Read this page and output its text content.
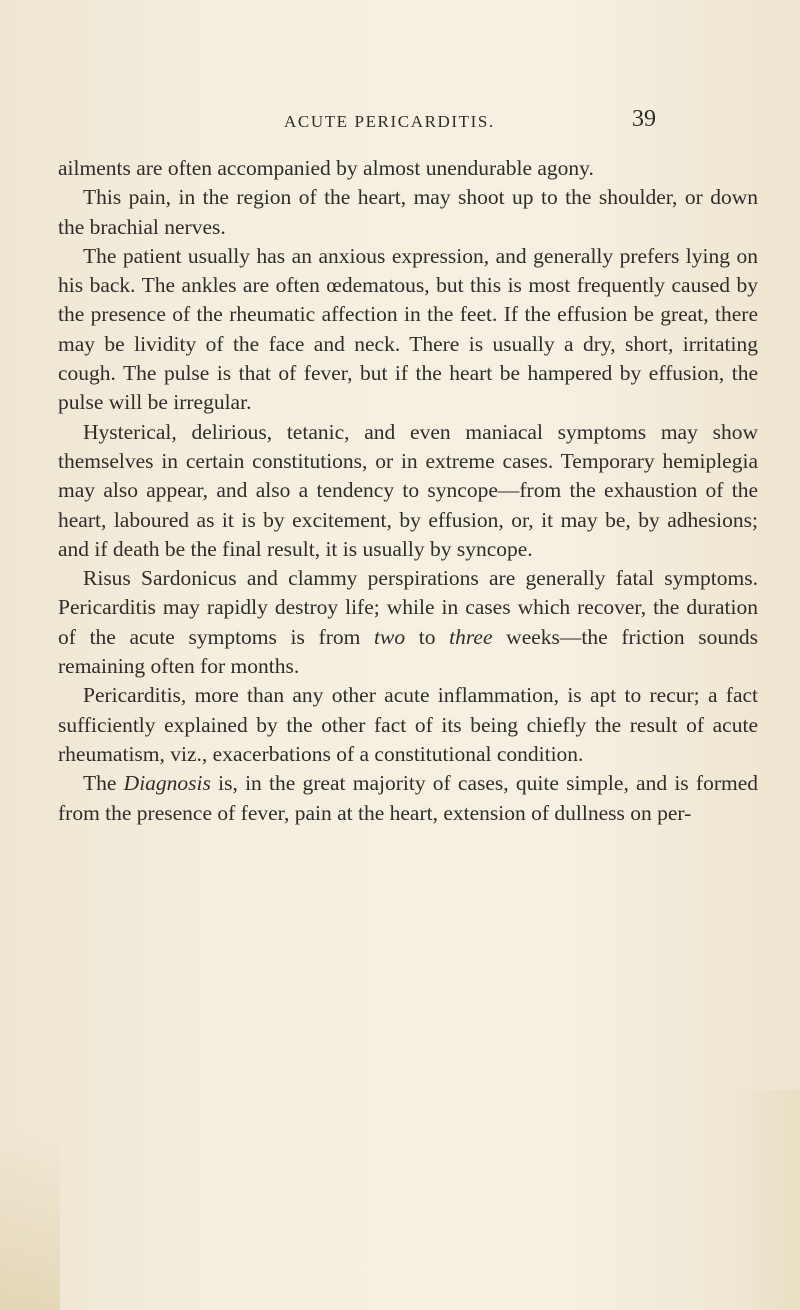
ACUTE PERICARDITIS.	39

ailments are often accompanied by almost unendurable agony.

This pain, in the region of the heart, may shoot up to the shoulder, or down the brachial nerves.

The patient usually has an anxious expression, and generally prefers lying on his back. The ankles are often œdematous, but this is most frequently caused by the presence of the rheumatic affection in the feet. If the effusion be great, there may be lividity of the face and neck. There is usually a dry, short, irritating cough. The pulse is that of fever, but if the heart be hampered by effusion, the pulse will be irregular.

Hysterical, delirious, tetanic, and even maniacal symptoms may show themselves in certain constitutions, or in extreme cases. Temporary hemiplegia may also appear, and also a tendency to syncope—from the exhaustion of the heart, laboured as it is by excitement, by effusion, or, it may be, by adhesions; and if death be the final result, it is usually by syncope.

Risus Sardonicus and clammy perspirations are generally fatal symptoms. Pericarditis may rapidly destroy life; while in cases which recover, the duration of the acute symptoms is from two to three weeks—the friction sounds remaining often for months.

Pericarditis, more than any other acute inflammation, is apt to recur; a fact sufficiently explained by the other fact of its being chiefly the result of acute rheumatism, viz., exacerbations of a constitutional condition.

The Diagnosis is, in the great majority of cases, quite simple, and is formed from the presence of fever, pain at the heart, extension of dullness on per-
